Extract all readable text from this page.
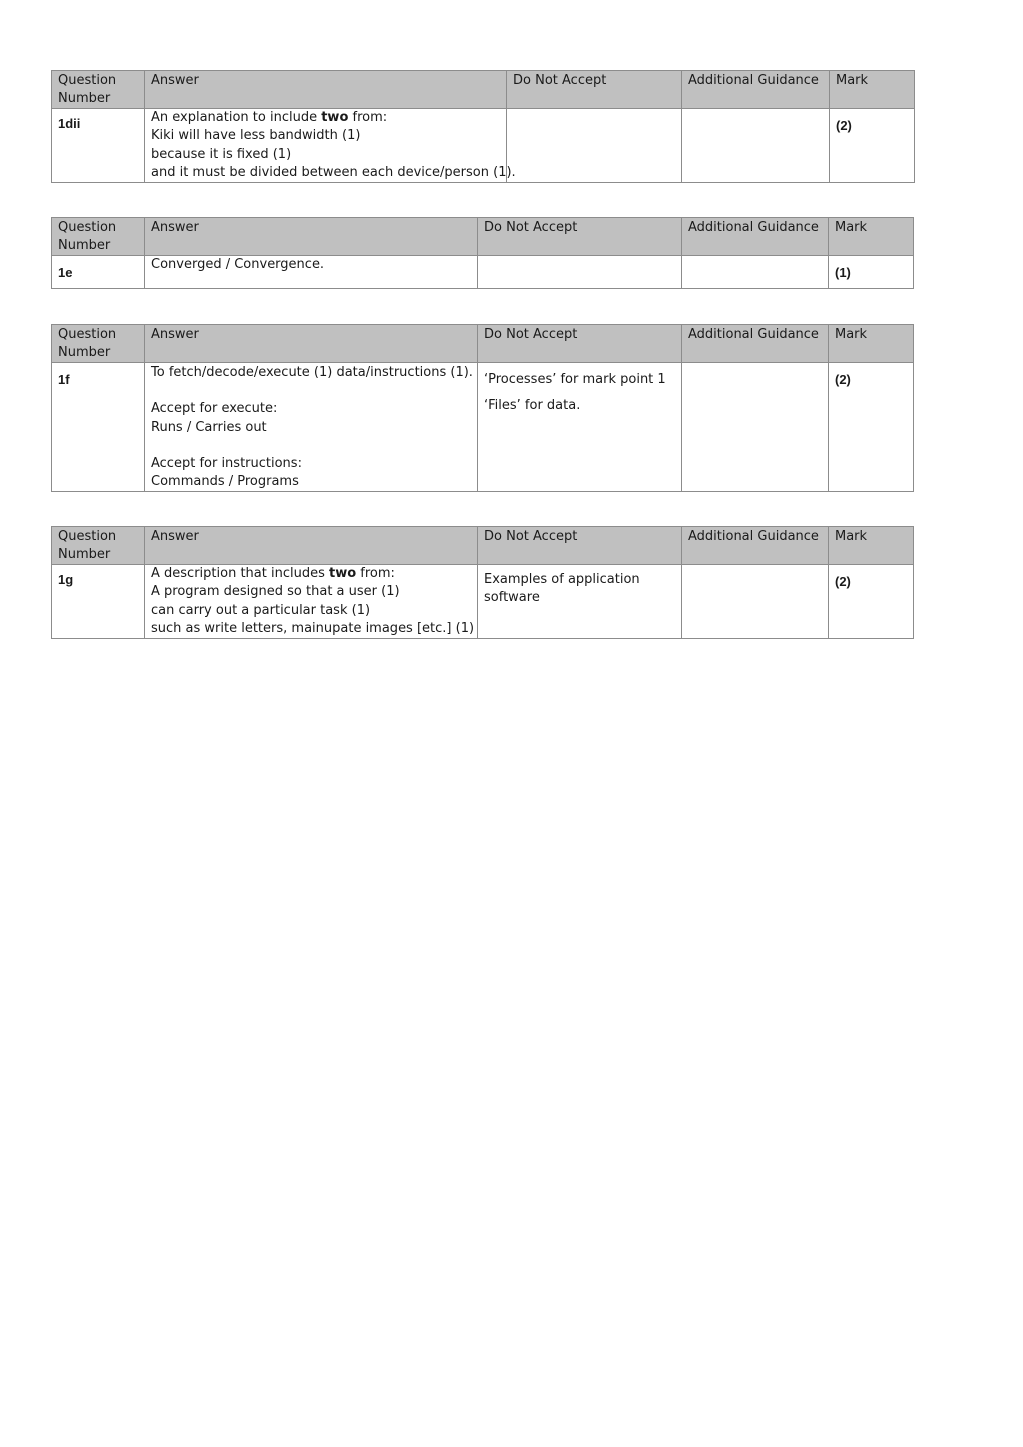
Question Number	Answer	Do Not Accept	Additional Guidance	Mark
1dii	An explanation to include two from:
Kiki will have less bandwidth (1)
because it is fixed (1)
and it must be divided between each device/person (1).			(2)
Question Number	Answer	Do Not Accept	Additional Guidance	Mark
1e	Converged / Convergence.			(1)
Question Number	Answer	Do Not Accept	Additional Guidance	Mark
1f	To fetch/decode/execute (1) data/instructions (1).
Accept for execute:
Runs / Carries out
Accept for instructions:
Commands / Programs	‘Processes’ for mark point 1
‘Files’ for data.		(2)
Question Number	Answer	Do Not Accept	Additional Guidance	Mark
1g	A description that includes two from:
A program designed so that a user (1)
can carry out a particular task (1)
such as write letters, mainupate images [etc.] (1)	Examples of application
software		(2)
